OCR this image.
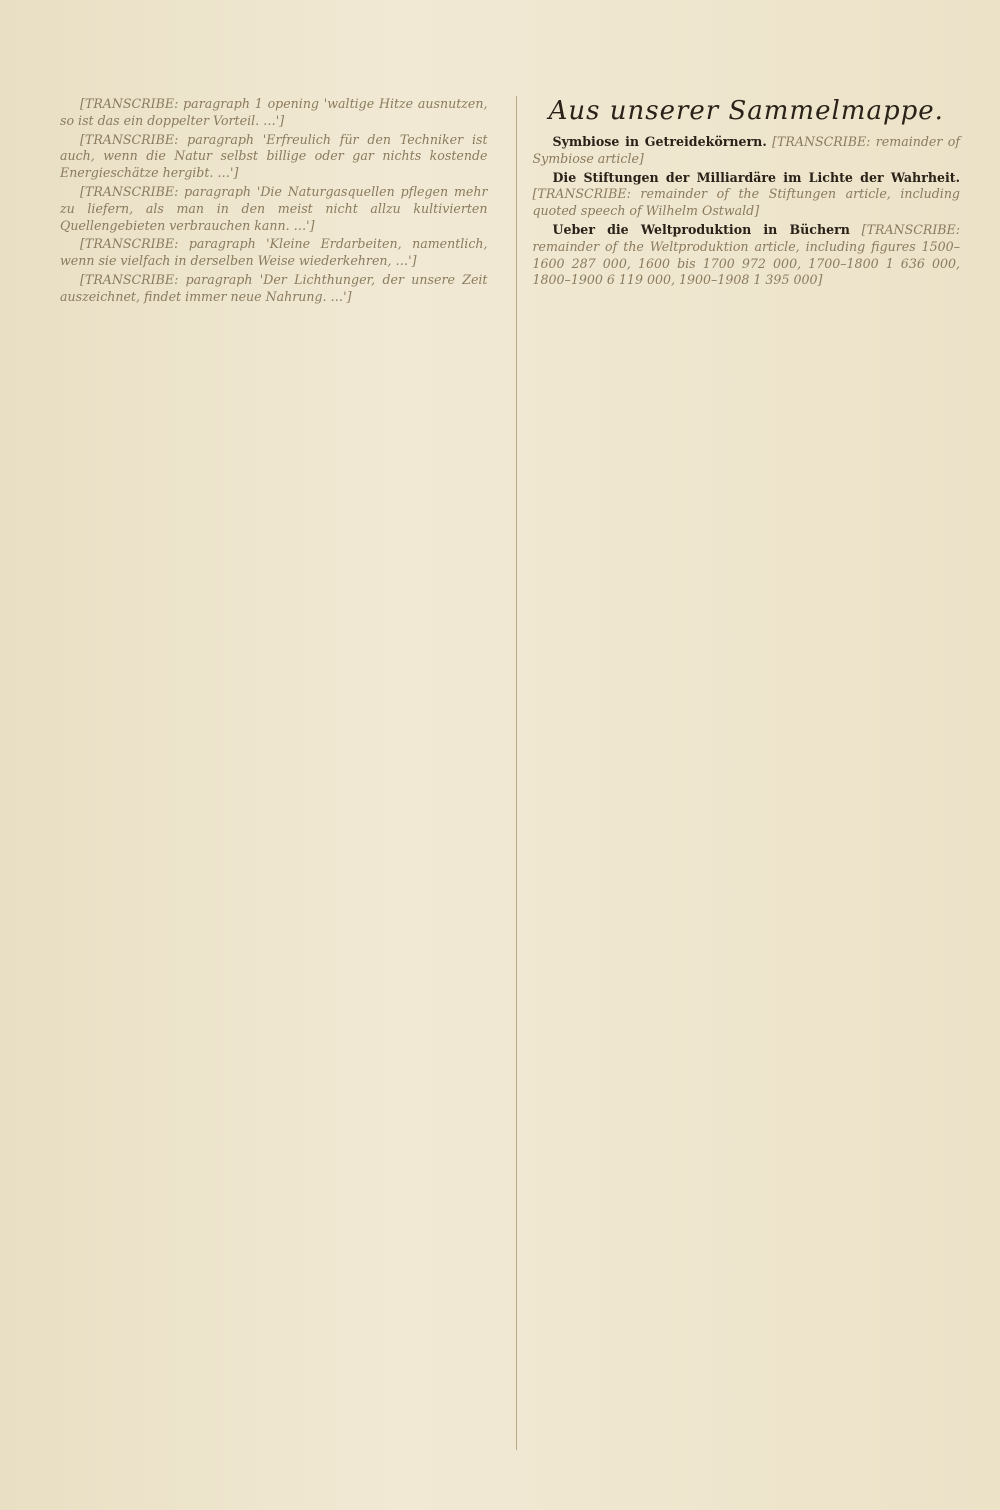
[TRANSCRIBE: paragraph 1 opening 'waltige Hitze ausnutzen, so ist das ein doppelter Vorteil. …']

[TRANSCRIBE: paragraph 'Erfreulich für den Techniker ist auch, wenn die Natur selbst billige oder gar nichts kostende Energieschätze hergibt. …']

[TRANSCRIBE: paragraph 'Die Naturgasquellen pflegen mehr zu liefern, als man in den meist nicht allzu kultivierten Quellengebieten verbrauchen kann. …']

[TRANSCRIBE: paragraph 'Kleine Erdarbeiten, namentlich, wenn sie vielfach in derselben Weise wiederkehren, …']

[TRANSCRIBE: paragraph 'Der Lichthunger, der unsere Zeit auszeichnet, findet immer neue Nahrung. …']

Aus unserer Sammelmappe.

Symbiose in Getreidekörnern. [TRANSCRIBE: remainder of Symbiose article]

Die Stiftungen der Milliardäre im Lichte der Wahrheit. [TRANSCRIBE: remainder of the Stiftungen article, including quoted speech of Wilhelm Ostwald]

Ueber die Weltproduktion in Büchern [TRANSCRIBE: remainder of the Weltproduktion article, including figures 1500–1600 287 000, 1600 bis 1700 972 000, 1700–1800 1 636 000, 1800–1900 6 119 000, 1900–1908 1 395 000]
